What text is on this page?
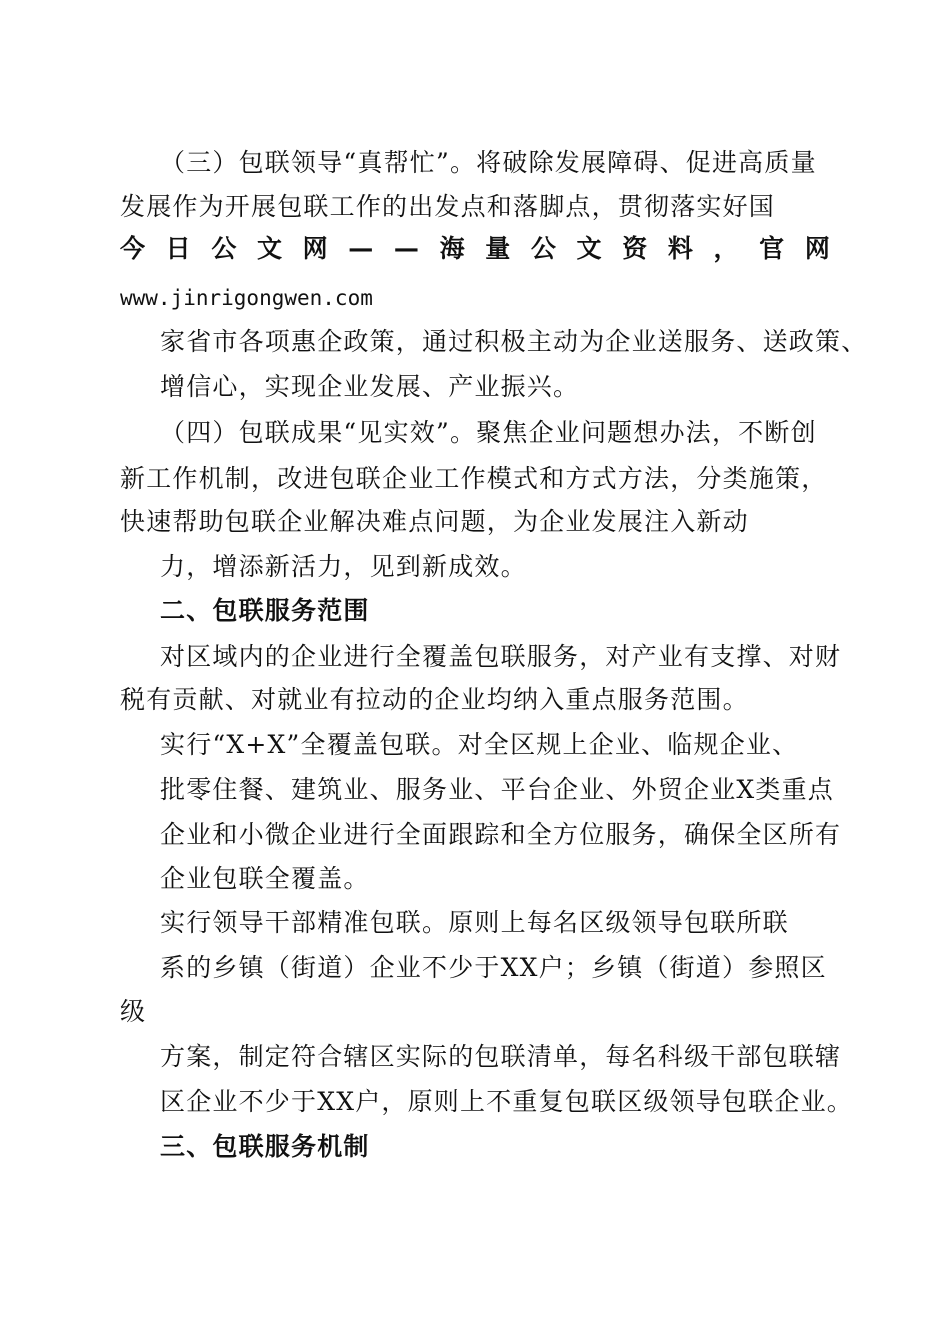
（三）包联领导“真帮忙”。将破除发展障碍、促进高质量
发展作为开展包联工作的出发点和落脚点，贯彻落实好国
今 日 公 文 网 — — 海 量 公 文 资 料 ， 官 网
www.jinrigongwen.com
家省市各项惠企政策，通过积极主动为企业送服务、送政策、
增信心，实现企业发展、产业振兴。
（四）包联成果“见实效”。聚焦企业问题想办法，不断创
新工作机制，改进包联企业工作模式和方式方法，分类施策，
快速帮助包联企业解决难点问题，为企业发展注入新动
力，增添新活力，见到新成效。
二、包联服务范围
对区域内的企业进行全覆盖包联服务，对产业有支撑、对财
税有贡献、对就业有拉动的企业均纳入重点服务范围。
实行“X+X”全覆盖包联。对全区规上企业、临规企业、
批零住餐、建筑业、服务业、平台企业、外贸企业X类重点
企业和小微企业进行全面跟踪和全方位服务，确保全区所有
企业包联全覆盖。
实行领导干部精准包联。原则上每名区级领导包联所联
系的乡镇（街道）企业不少于XX户；乡镇（街道）参照区
级
方案，制定符合辖区实际的包联清单，每名科级干部包联辖
区企业不少于XX户，原则上不重复包联区级领导包联企业。
三、包联服务机制
